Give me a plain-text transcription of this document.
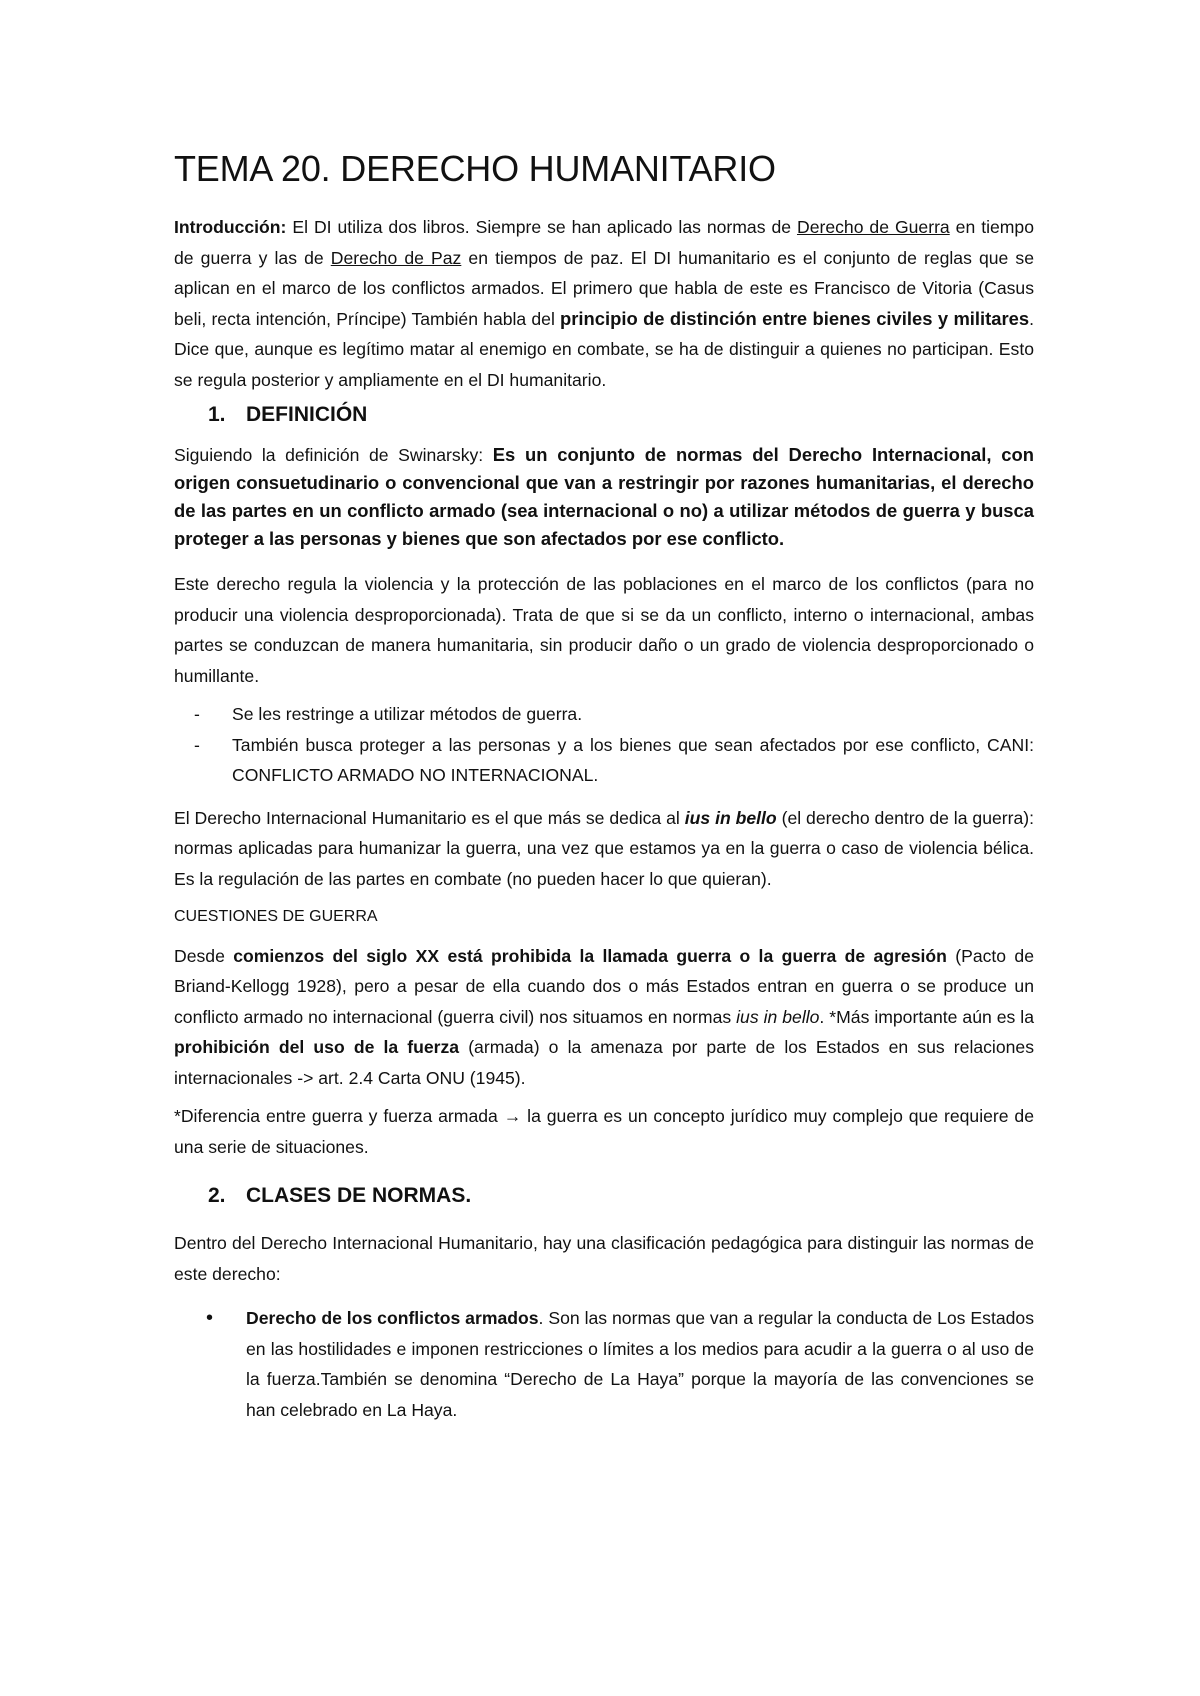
TEMA 20. DERECHO HUMANITARIO

Introducción: El DI utiliza dos libros. Siempre se han aplicado las normas de Derecho de Guerra en tiempo de guerra y las de Derecho de Paz en tiempos de paz. El DI humanitario es el conjunto de reglas que se aplican en el marco de los conflictos armados. El primero que habla de este es Francisco de Vitoria (Casus beli, recta intención, Príncipe) También habla del principio de distinción entre bienes civiles y militares. Dice que, aunque es legítimo matar al enemigo en combate, se ha de distinguir a quienes no participan. Esto se regula posterior y ampliamente en el DI humanitario.

1. DEFINICIÓN

Siguiendo la definición de Swinarsky: Es un conjunto de normas del Derecho Internacional, con origen consuetudinario o convencional que van a restringir por razones humanitarias, el derecho de las partes en un conflicto armado (sea internacional o no) a utilizar métodos de guerra y busca proteger a las personas y bienes que son afectados por ese conflicto.

Este derecho regula la violencia y la protección de las poblaciones en el marco de los conflictos (para no producir una violencia desproporcionada). Trata de que si se da un conflicto, interno o internacional, ambas partes se conduzcan de manera humanitaria, sin producir daño o un grado de violencia desproporcionado o humillante.

-	Se les restringe a utilizar métodos de guerra.
-	También busca proteger a las personas y a los bienes que sean afectados por ese conflicto, CANI: CONFLICTO ARMADO NO INTERNACIONAL.

El Derecho Internacional Humanitario es el que más se dedica al ius in bello (el derecho dentro de la guerra): normas aplicadas para humanizar la guerra, una vez que estamos ya en la guerra o caso de violencia bélica. Es la regulación de las partes en combate (no pueden hacer lo que quieran).

CUESTIONES DE GUERRA

Desde comienzos del siglo XX está prohibida la llamada guerra o la guerra de agresión (Pacto de Briand-Kellogg 1928), pero a pesar de ella cuando dos o más Estados entran en guerra o se produce un conflicto armado no internacional (guerra civil) nos situamos en normas ius in bello. *Más importante aún es la prohibición del uso de la fuerza (armada) o la amenaza por parte de los Estados en sus relaciones internacionales -> art. 2.4 Carta ONU (1945).

*Diferencia entre guerra y fuerza armada → la guerra es un concepto jurídico muy complejo que requiere de una serie de situaciones.

2. CLASES DE NORMAS.

Dentro del Derecho Internacional Humanitario, hay una clasificación pedagógica para distinguir las normas de este derecho:

•	Derecho de los conflictos armados. Son las normas que van a regular la conducta de Los Estados en las hostilidades e imponen restricciones o límites a los medios para acudir a la guerra o al uso de la fuerza.También se denomina “Derecho de La Haya” porque la mayoría de las convenciones se han celebrado en La Haya.
